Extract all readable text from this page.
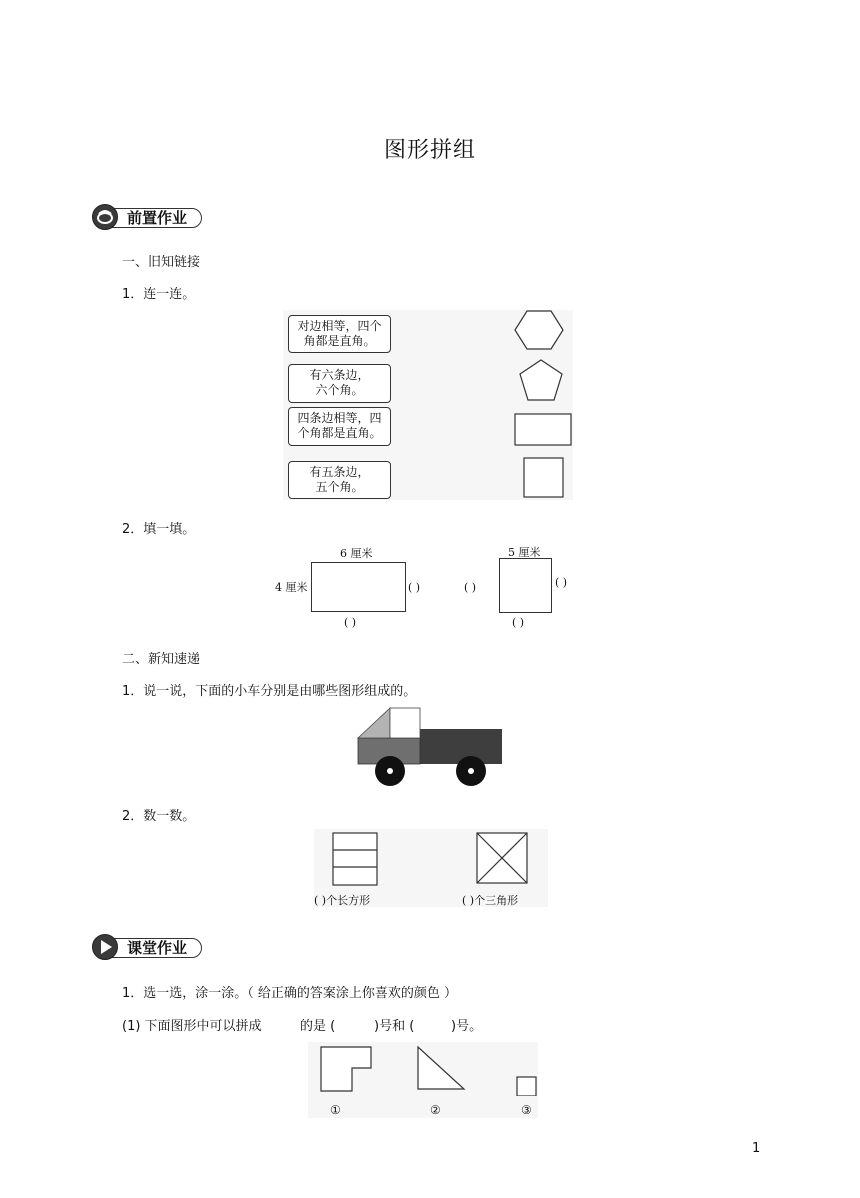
图形拼组
前置作业
一、旧知链接
1．连一连。
对边相等，四个
角都是直角。
有六条边，
六个角。
四条边相等，四
个角都是直角。
有五条边，
五个角。
2．填一填。
6 厘米
4 厘米	( )
( )
5 厘米
( )	( )
( )
二、新知速递
1．说一说，下面的小车分别是由哪些图形组成的。
2．数一数。
( )个长方形	( )个三角形
课堂作业
1．选一选，涂一涂。（ 给正确的答案涂上你喜欢的颜色 ）
(1) 下面图形中可以拼成	的是 (	)号和 (	)号。
①	②	③
1
